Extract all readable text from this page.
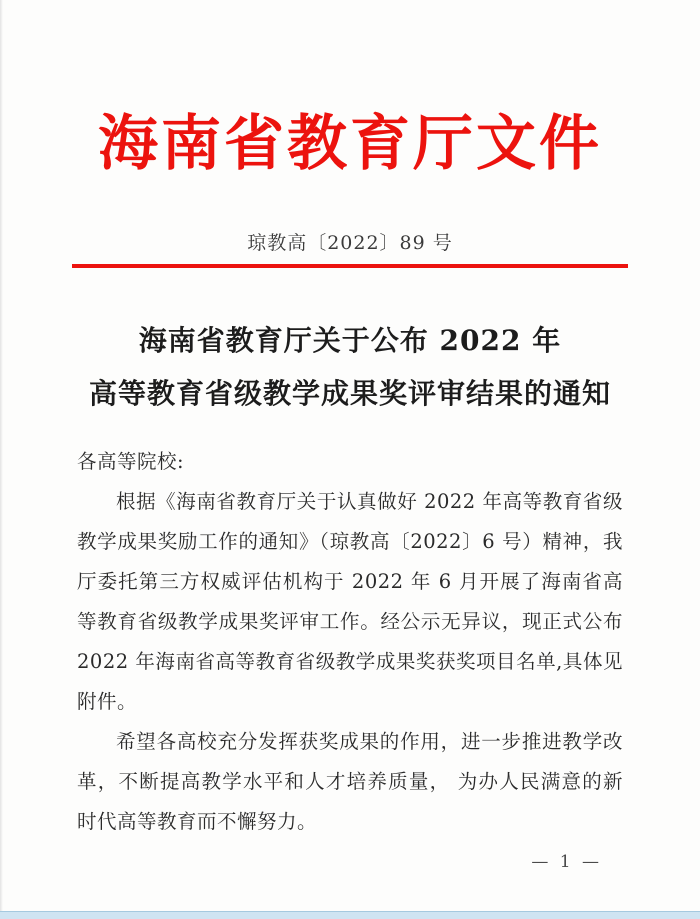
海南省教育厅文件
琼教高〔2022〕89 号
海南省教育厅关于公布 2022 年
高等教育省级教学成果奖评审结果的通知

各高等院校:

根据《海南省教育厅关于认真做好 2022 年高等教育省级教学成果奖励工作的通知》（琼教高〔2022〕6 号）精神，我厅委托第三方权威评估机构于 2022 年 6 月开展了海南省高等教育省级教学成果奖评审工作。经公示无异议，现正式公布 2022 年海南省高等教育省级教学成果奖获奖项目名单,具体见附件。

希望各高校充分发挥获奖成果的作用，进一步推进教学改革，不断提高教学水平和人才培养质量， 为办人民满意的新时代高等教育而不懈努力。

— 1 —
